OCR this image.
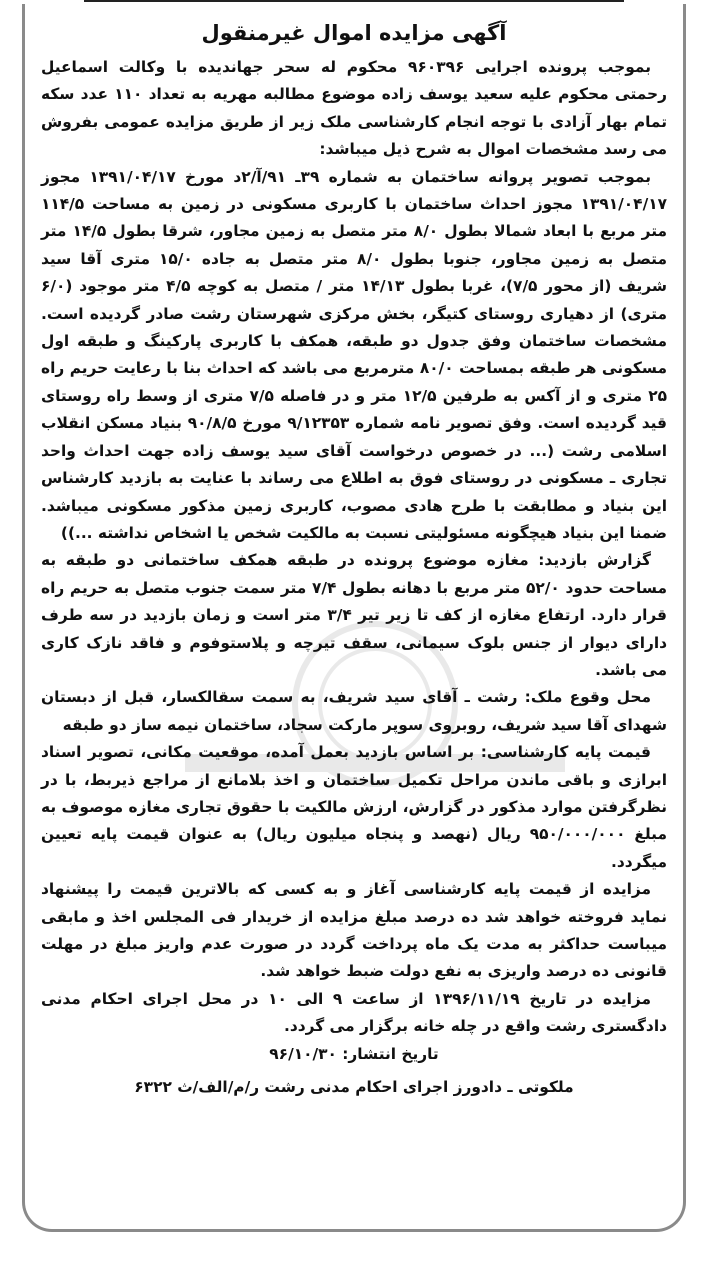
آگهی مزایده اموال غیرمنقول

بموجب پرونده اجرایی ۹۶۰۳۹۶ محکوم له سحر جهاندیده با وکالت اسماعیل رحمتی محکوم علیه سعید یوسف زاده موضوع مطالبه مهریه به تعداد ۱۱۰ عدد سکه تمام بهار آزادی با توجه انجام کارشناسی ملک زیر از طریق مزایده عمومی بفروش می رسد مشخصات اموال به شرح ذیل میباشد:

بموجب تصویر پروانه ساختمان به شماره ۳۹ـ ۹۱/آ/۲د مورخ ۱۳۹۱/۰۴/۱۷ مجوز ۱۳۹۱/۰۴/۱۷ مجوز احداث ساختمان با کاربری مسکونی در زمین به مساحت ۱۱۴/۵ متر مربع با ابعاد شمالا بطول ۸/۰ متر متصل به زمین مجاور، شرقا بطول ۱۴/۵ متر متصل به زمین مجاور، جنوبا بطول ۸/۰ متر متصل به جاده ۱۵/۰ متری آقا سید شریف (از محور ۷/۵)، غربا بطول ۱۴/۱۳ متر / متصل به کوچه ۴/۵ متر موجود (۶/۰ متری) از دهیاری روستای کتیگر، بخش مرکزی شهرستان رشت صادر گردیده است. مشخصات ساختمان وفق جدول دو طبقه، همکف با کاربری پارکینگ و طبقه اول مسکونی هر طبقه بمساحت ۸۰/۰ مترمربع می باشد که احداث بنا با رعایت حریم راه ۲۵ متری و از آکس به طرفین ۱۲/۵ متر و در فاصله ۷/۵ متری از وسط راه روستای قید گردیده است. وفق تصویر نامه شماره ۹/۱۲۳۵۳ مورخ ۹۰/۸/۵ بنیاد مسکن انقلاب اسلامی رشت (... در خصوص درخواست آقای سید یوسف زاده جهت احداث واحد تجاری ـ مسکونی در روستای فوق به اطلاع می رساند با عنایت به بازدید کارشناس این بنیاد و مطابقت با طرح هادی مصوب، کاربری زمین مذکور مسکونی میباشد. ضمنا این بنیاد هیچگونه مسئولیتی نسبت به مالکیت شخص یا اشخاص نداشته ...))

گزارش بازدید: مغازه موضوع پرونده در طبقه همکف ساختمانی دو طبقه به مساحت حدود ۵۲/۰ متر مربع با دهانه بطول ۷/۴ متر سمت جنوب متصل به حریم راه قرار دارد. ارتفاع مغازه از کف تا زیر تیر ۳/۴ متر است و زمان بازدید در سه طرف دارای دیوار از جنس بلوک سیمانی، سقف تیرچه و پلاستوفوم و فاقد نازک کاری می باشد.

محل وقوع ملک: رشت ـ آقای سید شریف، به سمت سقالکسار، قبل از دبستان شهدای آقا سید شریف، روبروی سوپر مارکت سجاد، ساختمان نیمه ساز دو طبقه

قیمت پایه کارشناسی: بر اساس بازدید بعمل آمده، موقعیت مکانی، تصویر اسناد ابرازی و باقی ماندن مراحل تکمیل ساختمان و اخذ بلامانع از مراجع ذیربط، با در نظرگرفتن موارد مذکور در گزارش، ارزش مالکیت با حقوق تجاری مغازه موصوف به مبلغ ۹۵۰/۰۰۰/۰۰۰ ریال (نهصد و پنجاه میلیون ریال) به عنوان قیمت پایه تعیین میگردد.

مزایده از قیمت پایه کارشناسی آغاز و به کسی که بالاترین قیمت را پیشنهاد نماید فروخته خواهد شد ده درصد مبلغ مزایده از خریدار فی المجلس اخذ و مابقی میباست حداکثر به مدت یک ماه پرداخت گردد در صورت عدم واریز مبلغ در مهلت قانونی ده درصد واریزی به نفع دولت ضبط خواهد شد.

مزایده در تاریخ ۱۳۹۶/۱۱/۱۹ از ساعت ۹ الی ۱۰ در محل اجرای احکام مدنی دادگستری رشت واقع در چله خانه برگزار می گردد.

تاریخ انتشار: ۹۶/۱۰/۳۰

ملکوتی ـ دادورز اجرای احکام مدنی رشت ر/م/الف/ث ۶۳۲۲
